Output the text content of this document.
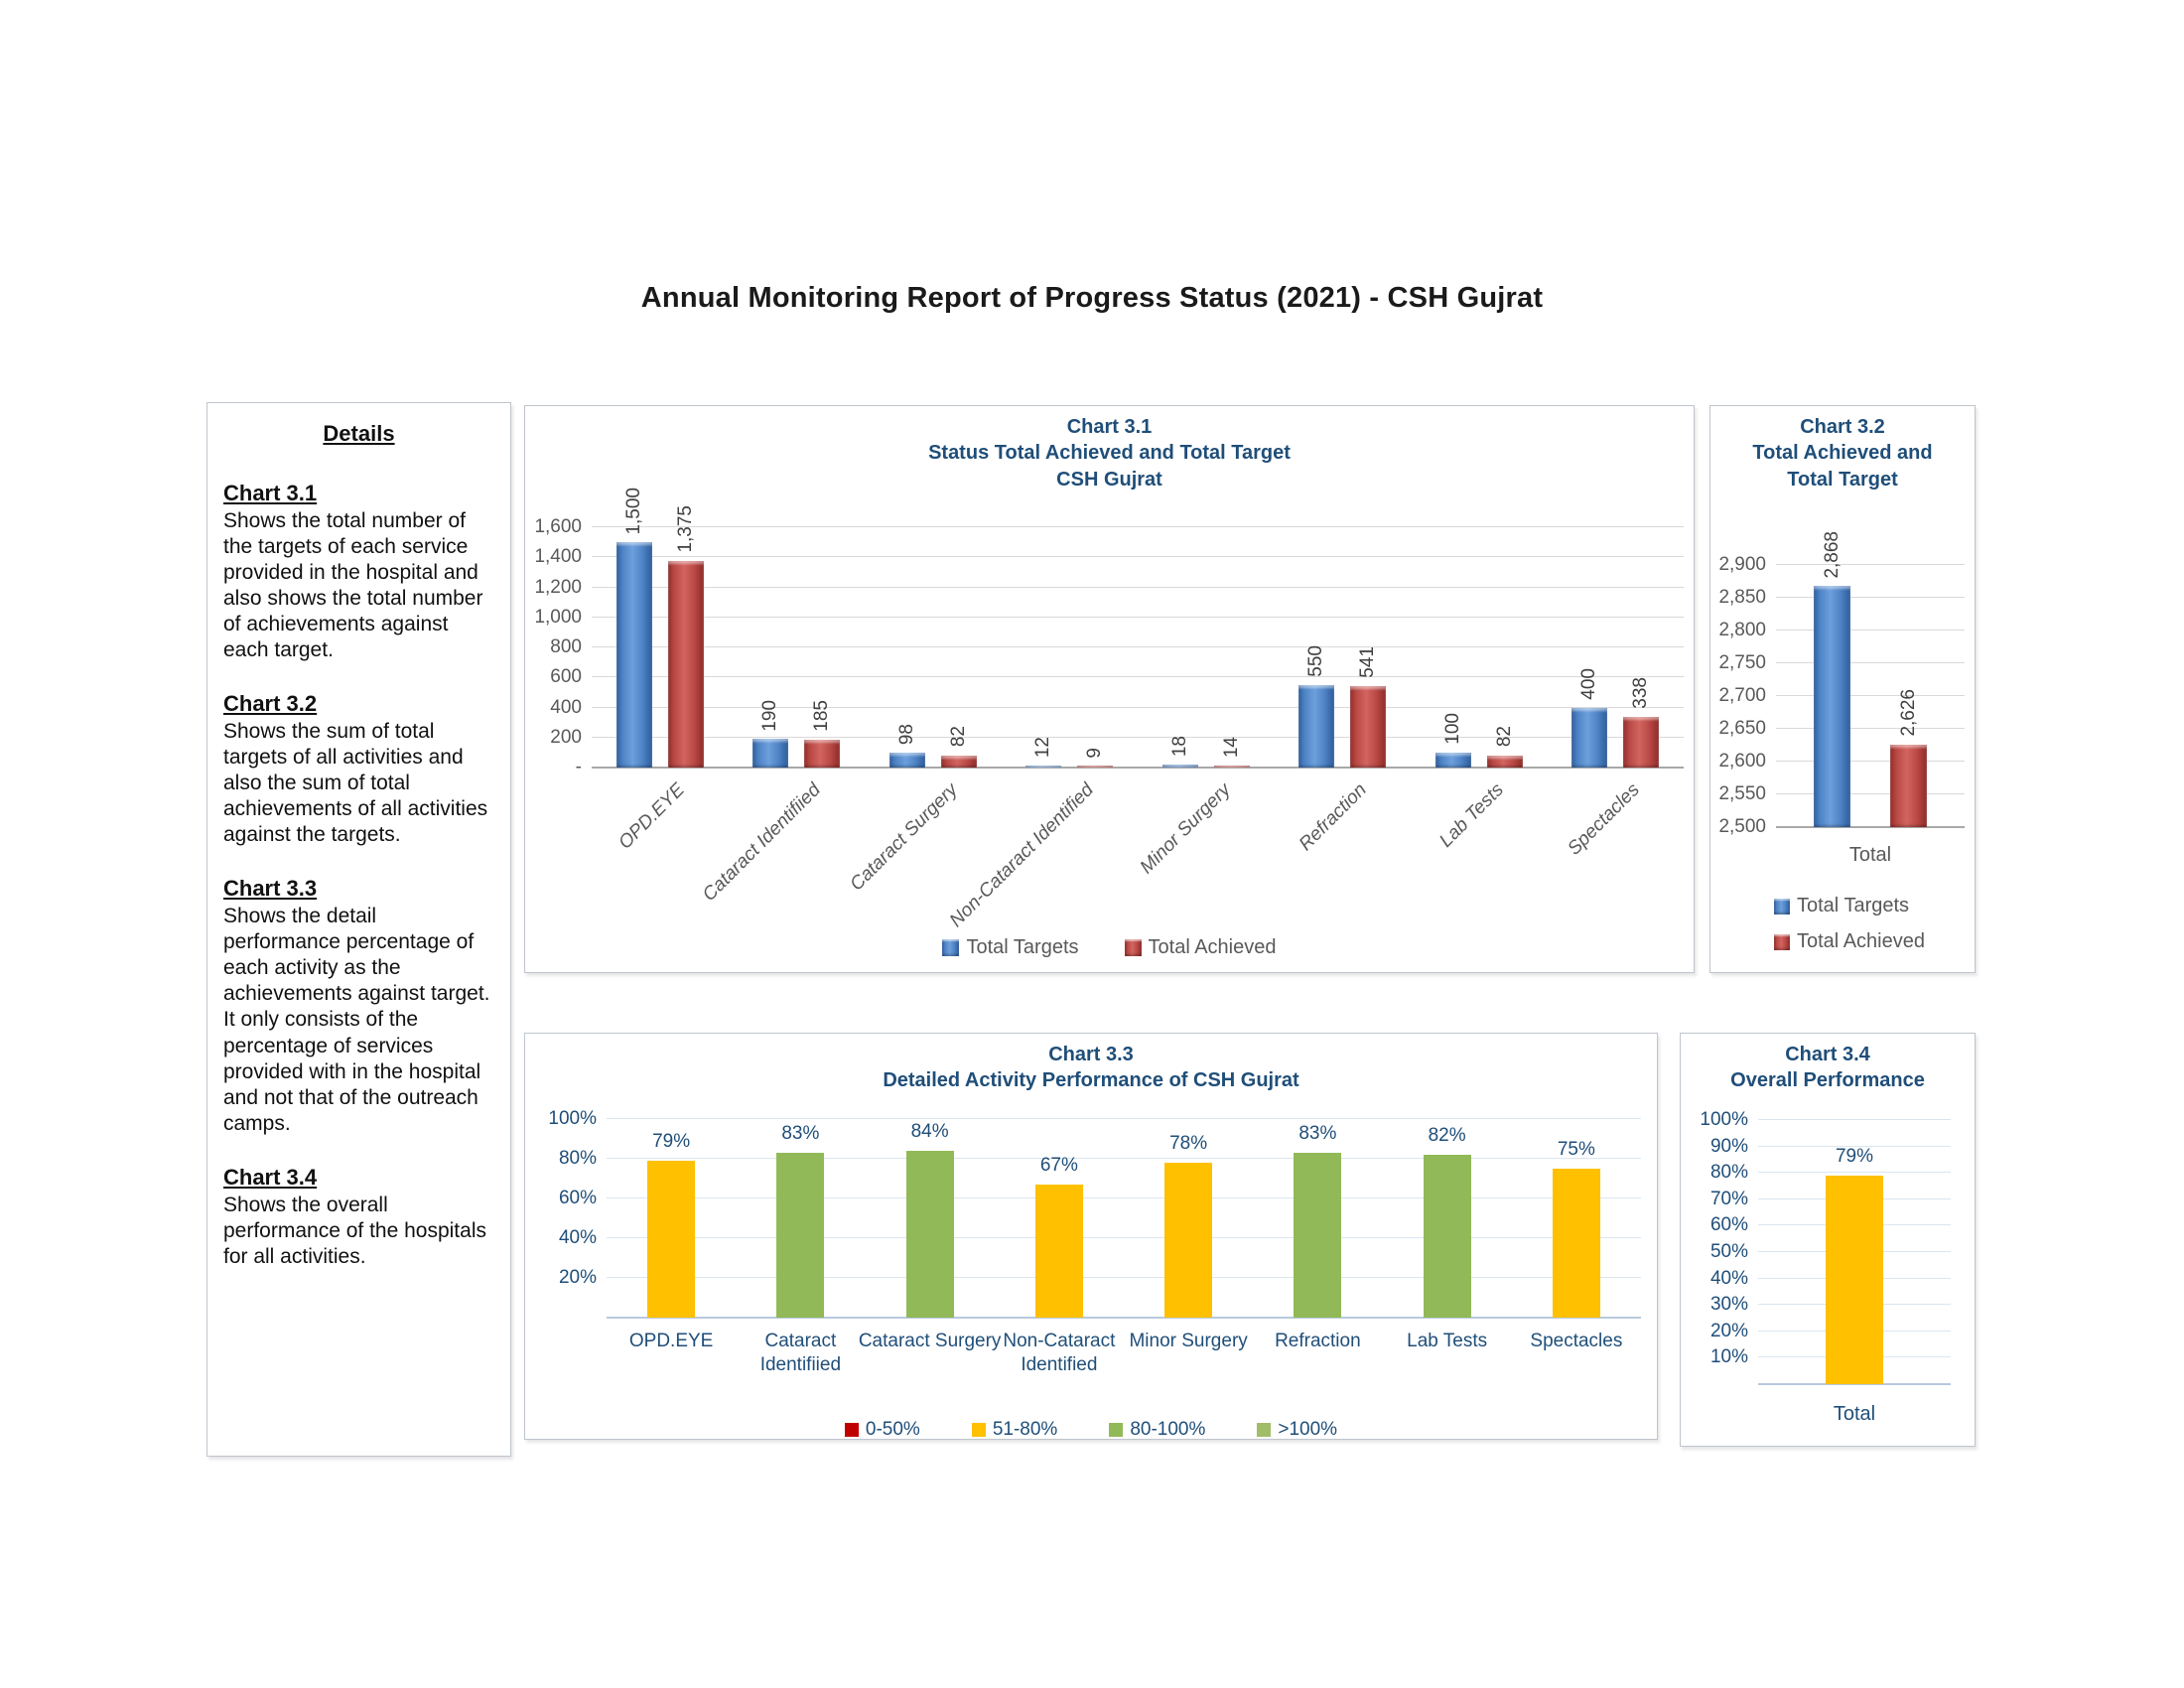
Annual Monitoring Report of Progress Status (2021) - CSH Gujrat
Details
Chart 3.1
Shows the total number of the targets of each service provided in the hospital and also shows the total number of achievements against each target.
Chart 3.2
Shows the sum of total targets of all activities and also the sum of total achievements of all activities against the targets.
Chart 3.3
Shows the detail performance percentage of each activity as the achievements against target. It only consists of the percentage of services provided with in the hospital and not that of the outreach camps.
Chart 3.4
Shows the overall performance of the hospitals for all activities.
Chart 3.1
Status Total Achieved and Total Target
CSH Gujrat
1,600
1,400
1,200
1,000
800
600
400
200
-
1,500 1,375
OPD.EYE
190 185
Cataract Identifiied
98 82
Cataract Surgery
12 9
Non-Cataract Identified
18 14
Minor Surgery
550 541
Refraction
100 82
Lab Tests
400 338
Spectacles
Total Targets	Total Achieved
Chart 3.2
Total Achieved and
Total Target
2,900
2,850
2,800
2,750
2,700
2,650
2,600
2,550
2,500
2,868
2,626
Total
Total Targets
Total Achieved
Chart 3.3
Detailed Activity Performance of CSH Gujrat
100%
80%
60%
40%
20%
79%
OPD.EYE
83%
Cataract Identifiied
84%
Cataract Surgery
67%
Non-Cataract Identified
78%
Minor Surgery
83%
Refraction
82%
Lab Tests
75%
Spectacles
0-50%	51-80%	80-100%	>100%
Chart 3.4
Overall Performance
100%
90%
80%
70%
60%
50%
40%
30%
20%
10%
79%
Total
